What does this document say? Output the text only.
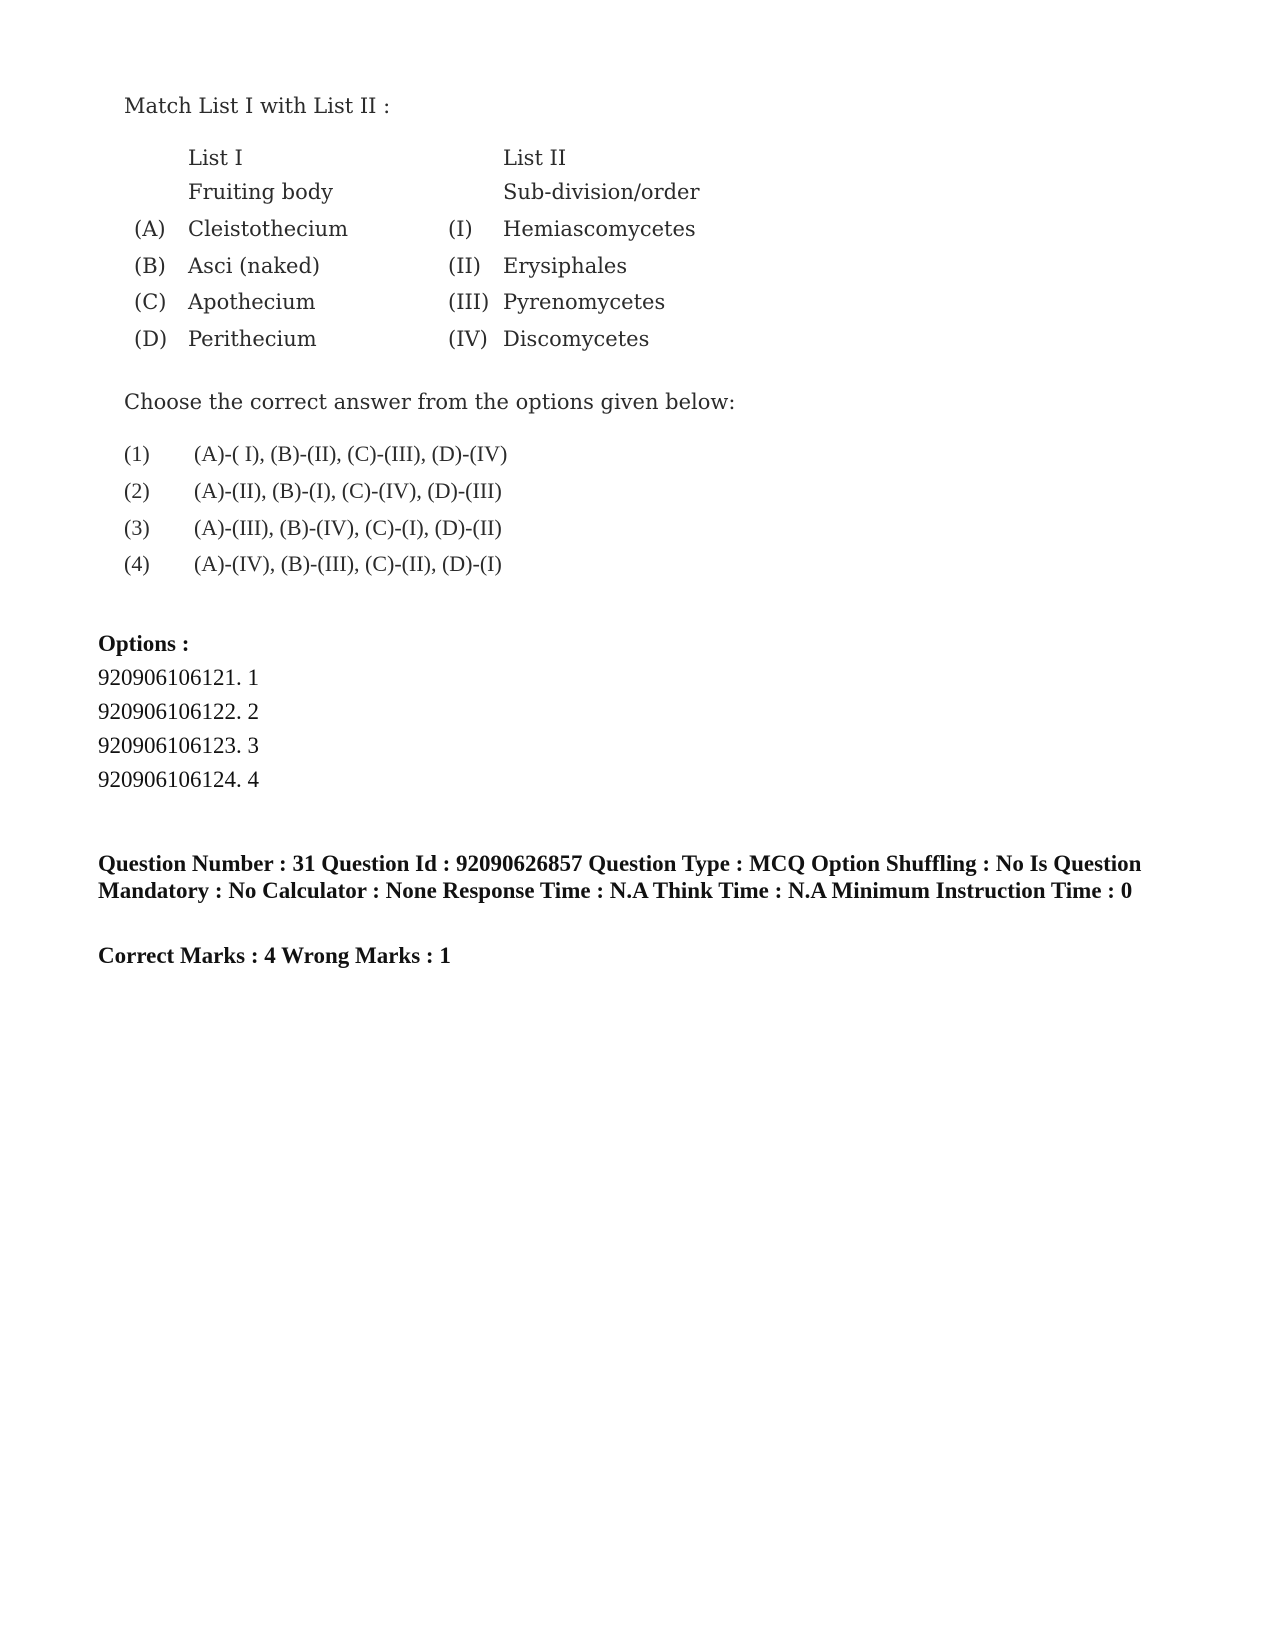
Match List I with List II :
List I
Fruiting body
List II
Sub-division/order
(A) Cleistothecium
(B) Asci (naked)
(C) Apothecium
(D) Perithecium
(I) Hemiascomycetes
(II) Erysiphales
(III) Pyrenomycetes
(IV) Discomycetes
Choose the correct answer from the options given below:
(1) (A)-( I), (B)-(II), (C)-(III), (D)-(IV)
(2) (A)-(II), (B)-(I), (C)-(IV), (D)-(III)
(3) (A)-(III), (B)-(IV), (C)-(I), (D)-(II)
(4) (A)-(IV), (B)-(III), (C)-(II), (D)-(I)
Options :
920906106121. 1
920906106122. 2
920906106123. 3
920906106124. 4
Question Number : 31 Question Id : 92090626857 Question Type : MCQ Option Shuffling : No Is Question Mandatory : No Calculator : None Response Time : N.A Think Time : N.A Minimum Instruction Time : 0
Correct Marks : 4 Wrong Marks : 1
